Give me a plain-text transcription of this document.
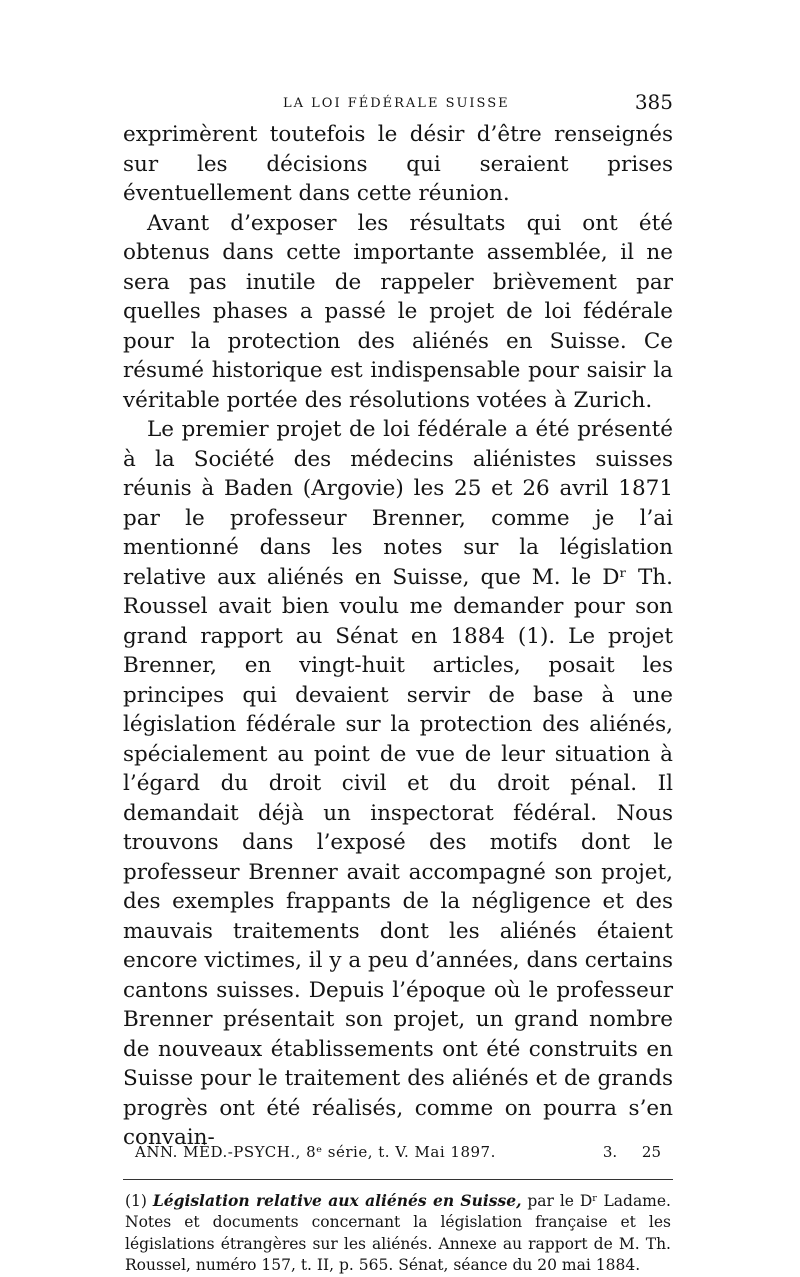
LA LOI FÉDÉRALE SUISSE	385

exprimèrent toutefois le désir d’être renseignés sur les décisions qui seraient prises éventuellement dans cette réunion.

Avant d’exposer les résultats qui ont été obtenus dans cette importante assemblée, il ne sera pas inutile de rappeler brièvement par quelles phases a passé le projet de loi fédérale pour la protection des aliénés en Suisse. Ce résumé historique est indispensable pour saisir la véritable portée des résolutions votées à Zurich.

Le premier projet de loi fédérale a été présenté à la Société des médecins aliénistes suisses réunis à Baden (Argovie) les 25 et 26 avril 1871 par le professeur Brenner, comme je l’ai mentionné dans les notes sur la législation relative aux aliénés en Suisse, que M. le Dʳ Th. Roussel avait bien voulu me demander pour son grand rapport au Sénat en 1884 (1). Le projet Brenner, en vingt-huit articles, posait les principes qui devaient servir de base à une législation fédérale sur la protection des aliénés, spécialement au point de vue de leur situation à l’égard du droit civil et du droit pénal. Il demandait déjà un inspectorat fédéral. Nous trouvons dans l’exposé des motifs dont le professeur Brenner avait accompagné son projet, des exemples frappants de la négligence et des mauvais traitements dont les aliénés étaient encore victimes, il y a peu d’années, dans certains cantons suisses. Depuis l’époque où le professeur Brenner présentait son projet, un grand nombre de nouveaux établissements ont été construits en Suisse pour le traitement des aliénés et de grands progrès ont été réalisés, comme on pourra s’en convain-

(1) Législation relative aux aliénés en Suisse, par le Dʳ Ladame. Notes et documents concernant la législation française et les législations étrangères sur les aliénés. Annexe au rapport de M. Th. Roussel, numéro 157, t. II, p. 565. Sénat, séance du 20 mai 1884.
ANN. MÉD.-PSYCH., 8ᵉ série, t. V. Mai 1897.	3. 25
